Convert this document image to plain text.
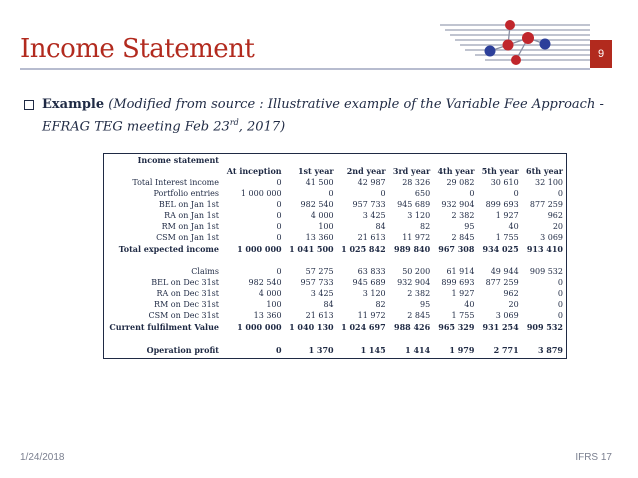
Income Statement	9
Example (Modified from source : Illustrative example of the Variable Fee Approach - EFRAG TEG meeting Feb 23rd, 2017)
Income statement							
	At inception	1st year	2nd year	3rd year	4th year	5th year	6th year
Total Interest income	0	41 500	42 987	28 326	29 082	30 610	32 100
Portfolio entries	1 000 000	0	0	650	0	0	0
BEL on Jan 1st	0	982 540	957 733	945 689	932 904	899 693	877 259
RA on Jan 1st	0	4 000	3 425	3 120	2 382	1 927	962
RM on Jan 1st	0	100	84	82	95	40	20
CSM on Jan 1st	0	13 360	21 613	11 972	2 845	1 755	3 069
Total expected income	1 000 000	1 041 500	1 025 842	989 840	967 308	934 025	913 410

Claims	0	57 275	63 833	50 200	61 914	49 944	909 532
BEL on Dec 31st	982 540	957 733	945 689	932 904	899 693	877 259	0
RA on Dec 31st	4 000	3 425	3 120	2 382	1 927	962	0
RM on Dec 31st	100	84	82	95	40	20	0
CSM on Dec 31st	13 360	21 613	11 972	2 845	1 755	3 069	0
Current fulfilment Value	1 000 000	1 040 130	1 024 697	988 426	965 329	931 254	909 532

Operation profit	0	1 370	1 145	1 414	1 979	2 771	3 879
1/24/2018	IFRS 17
